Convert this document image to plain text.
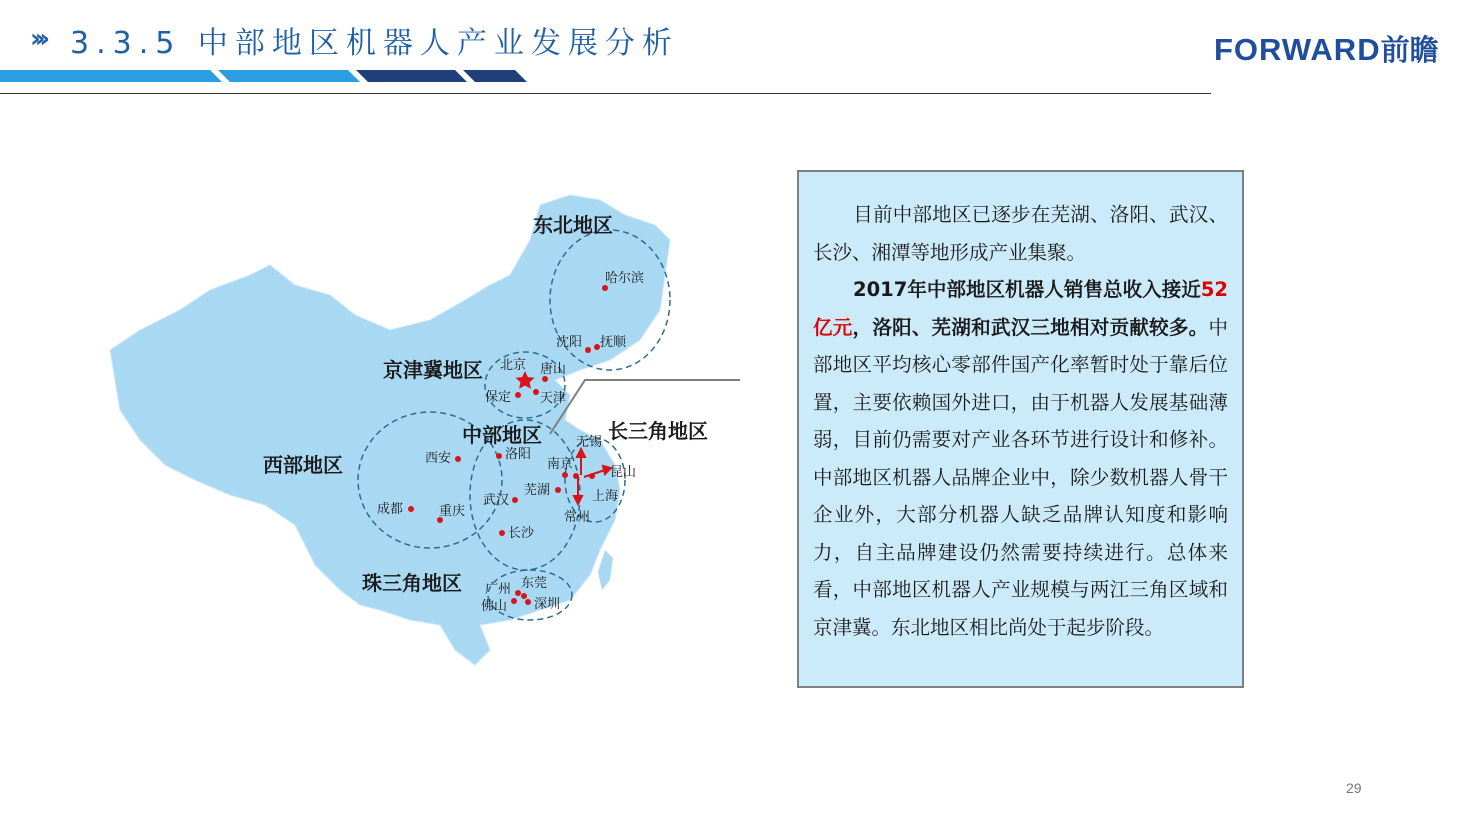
››› 3.3.5 中部地区机器人产业发展分析	FORWARD前瞻
东北地区
京津冀地区
中部地区	长三角地区
西部地区
珠三角地区
哈尔滨
沈阳 抚顺
北京 唐山
保定 天津
无锡
西安	洛阳
南京
昆山
芜湖	上海
武汉
常州
成都	重庆
长沙
广州 东莞
佛山 深圳

目前中部地区已逐步在芜湖、洛阳、武汉、长沙、湘潭等地形成产业集聚。

2017年中部地区机器人销售总收入接近52亿元，洛阳、芜湖和武汉三地相对贡献较多。中部地区平均核心零部件国产化率暂时处于靠后位置，主要依赖国外进口，由于机器人发展基础薄弱，目前仍需要对产业各环节进行设计和修补。中部地区机器人品牌企业中，除少数机器人骨干企业外，大部分机器人缺乏品牌认知度和影响力，自主品牌建设仍然需要持续进行。总体来看，中部地区机器人产业规模与两江三角区域和京津冀。东北地区相比尚处于起步阶段。

29
